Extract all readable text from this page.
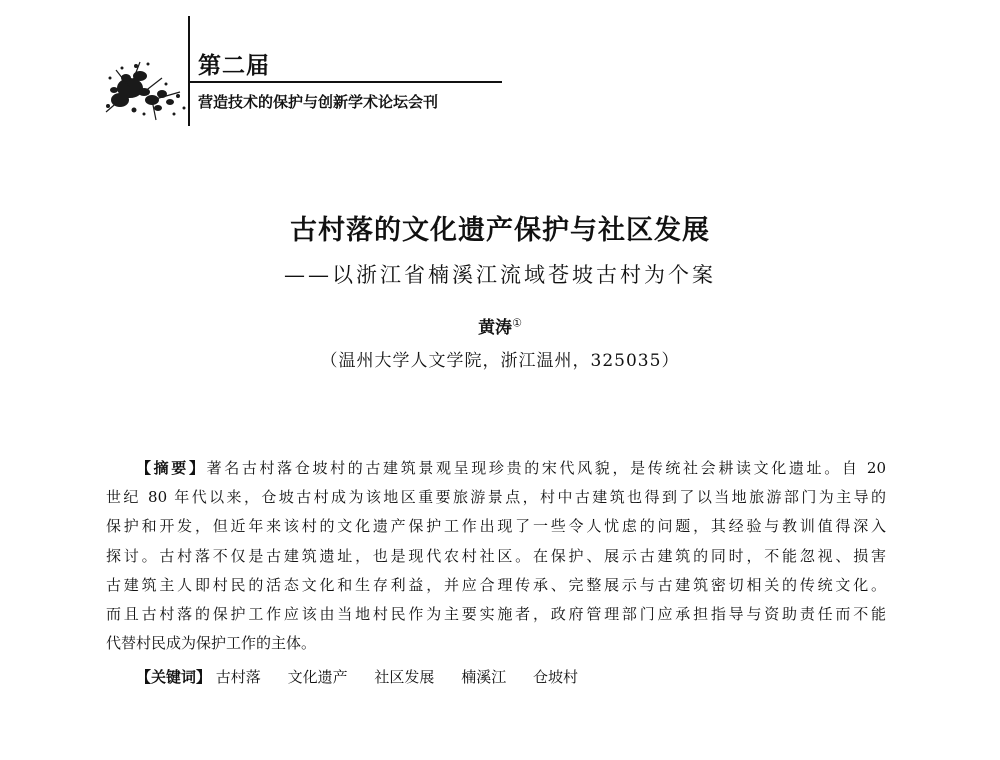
第二届
营造技术的保护与创新学术论坛会刊
古村落的文化遗产保护与社区发展
——以浙江省楠溪江流域苍坡古村为个案
黄涛①
（温州大学人文学院，浙江温州，325035）
【摘要】著名古村落仓坡村的古建筑景观呈现珍贵的宋代风貌，是传统社会耕读文化遗址。自 20
世纪 80 年代以来，仓坡古村成为该地区重要旅游景点，村中古建筑也得到了以当地旅游部门为主导的
保护和开发，但近年来该村的文化遗产保护工作出现了一些令人忧虑的问题，其经验与教训值得深入
探讨。古村落不仅是古建筑遗址，也是现代农村社区。在保护、展示古建筑的同时，不能忽视、损害
古建筑主人即村民的活态文化和生存利益，并应合理传承、完整展示与古建筑密切相关的传统文化。
而且古村落的保护工作应该由当地村民作为主要实施者，政府管理部门应承担指导与资助责任而不能
代替村民成为保护工作的主体。
【关键词】 古村落 文化遗产 社区发展 楠溪江 仓坡村
